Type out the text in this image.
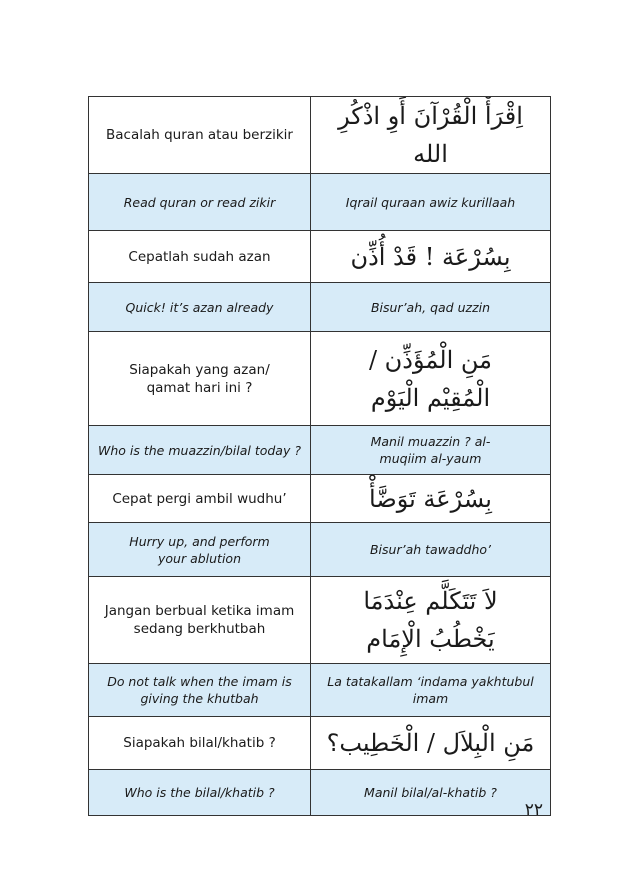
Bacalah quran atau berzikir	اِقْرَأْ الْقُرْآنَ أَوِ اذْكُرِ الله
Read quran or read zikir	Iqrail quraan awiz kurillaah
Cepatlah sudah azan	بِسُرْعَة ! قَدْ أُذِّن
Quick! it’s azan already	Bisur’ah, qad uzzin
Siapakah yang azan/ qamat hari ini ?	مَنِ الْمُؤَذِّن / الْمُقِيْم الْيَوْم
Who is the muazzin/bilal today ?	Manil muazzin ? al-muqiim al-yaum
Cepat pergi ambil wudhu’	بِسُرْعَة تَوَضَّأْ
Hurry up, and perform your ablution	Bisur’ah tawaddho’
Jangan berbual ketika imam sedang berkhutbah	لاَ تَتَكَلَّم عِنْدَمَا يَخْطُبُ الْإِمَام
Do not talk when the imam is giving the khutbah	La tatakallam ‘indama yakhtubul imam
Siapakah bilal/khatib ?	مَنِ الْبِلاَل / الْخَطِيب؟
Who is the bilal/khatib ?	Manil bilal/al-khatib ?
٢٢
